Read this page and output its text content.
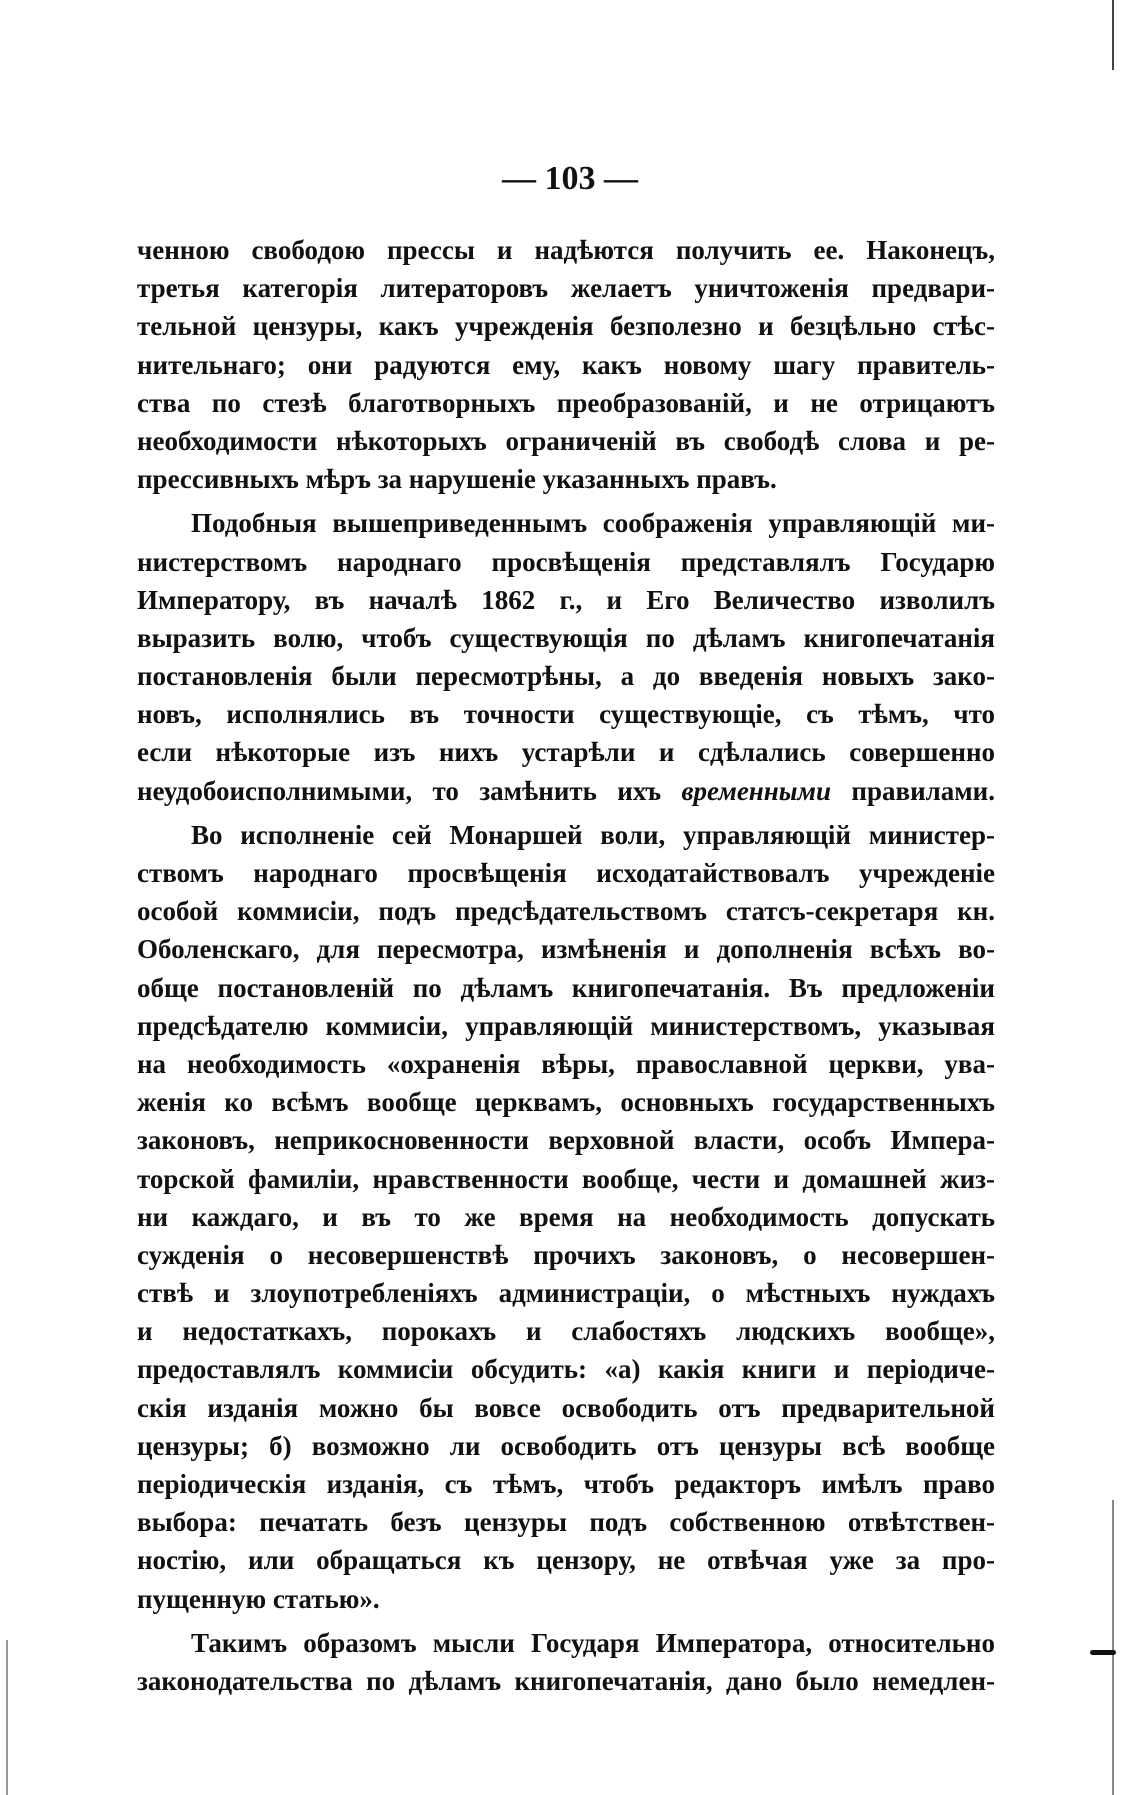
— 103 —
ченною свободою прессы и надѣются получить ее. Наконецъ,
третья категорія литераторовъ желаетъ уничтоженія предвари-
тельной цензуры, какъ учрежденія безполезно и безцѣльно стѣс-
нительнаго; они радуются ему, какъ новому шагу правитель-
ства по стезѣ благотворныхъ преобразованій, и не отрицаютъ
необходимости нѣкоторыхъ ограниченій въ свободѣ слова и ре-
прессивныхъ мѣръ за нарушеніе указанныхъ правъ.
Подобныя вышеприведеннымъ соображенія управляющій ми-
нистерствомъ народнаго просвѣщенія представлялъ Государю
Императору, въ началѣ 1862 г., и Его Величество изволилъ
выразить волю, чтобъ существующія по дѣламъ книгопечатанія
постановленія были пересмотрѣны, а до введенія новыхъ зако-
новъ, исполнялись въ точности существующіе, съ тѣмъ, что
если нѣкоторые изъ нихъ устарѣли и сдѣлались совершенно
неудобоисполнимыми, то замѣнить ихъ временными правилами.
Во исполненіе сей Монаршей воли, управляющій министер-
ствомъ народнаго просвѣщенія исходатайствовалъ учрежденіе
особой коммисіи, подъ предсѣдательствомъ статсъ-секретаря кн.
Оболенскаго, для пересмотра, измѣненія и дополненія всѣхъ во-
обще постановленій по дѣламъ книгопечатанія. Въ предложеніи
предсѣдателю коммисіи, управляющій министерствомъ, указывая
на необходимость «охраненія вѣры, православной церкви, ува-
женія ко всѣмъ вообще церквамъ, основныхъ государственныхъ
законовъ, неприкосновенности верховной власти, особъ Импера-
торской фамиліи, нравственности вообще, чести и домашней жиз-
ни каждаго, и въ то же время на необходимость допускать
сужденія о несовершенствѣ прочихъ законовъ, о несовершен-
ствѣ и злоупотребленіяхъ администраціи, о мѣстныхъ нуждахъ
и недостаткахъ, порокахъ и слабостяхъ людскихъ вообще»,
предоставлялъ коммисіи обсудить: «а) какія книги и періодиче-
скія изданія можно бы вовсе освободить отъ предварительной
цензуры; б) возможно ли освободить отъ цензуры всѣ вообще
періодическія изданія, съ тѣмъ, чтобъ редакторъ имѣлъ право
выбора: печатать безъ цензуры подъ собственною отвѣтствен-
ностію, или обращаться къ цензору, не отвѣчая уже за про-
пущенную статью».
Такимъ образомъ мысли Государя Императора, относительно
законодательства по дѣламъ книгопечатанія, дано было немедлен-
